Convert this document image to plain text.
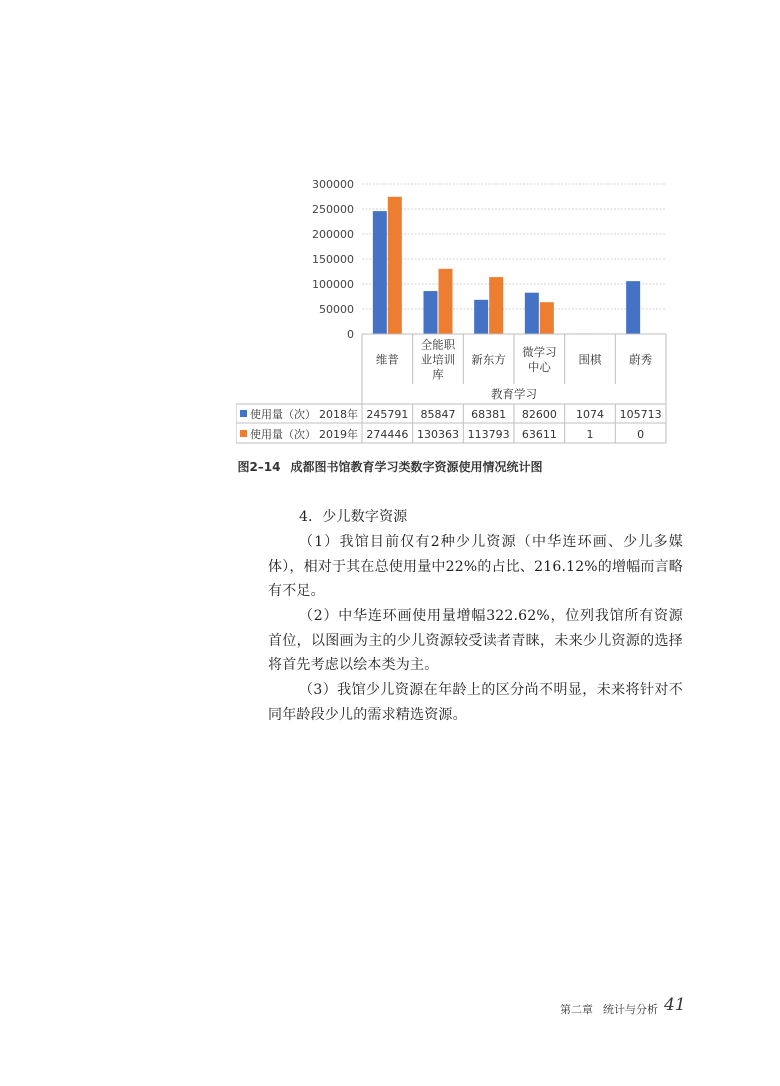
0
50000
100000
150000
200000
250000
300000
维普
全能职
业培训
库
新东方
微学习
中心
围棋 蔚秀
教育学习
使用量（次） 2018年 245791 85847 68381 82600 1074 105713
使用量（次） 2019年 274446 130363 113793 63611	1	0
图2–14 成都图书馆教育学习类数字资源使用情况统计图
4．少儿数字资源
（1）我馆目前仅有2种少儿资源（中华连环画、少儿多媒体），相对于其在总使用量中22%的占比、216.12%的增幅而言略有不足。
（2）中华连环画使用量增幅322.62%，位列我馆所有资源首位，以图画为主的少儿资源较受读者青睐，未来少儿资源的选择将首先考虑以绘本类为主。
（3）我馆少儿资源在年龄上的区分尚不明显，未来将针对不同年龄段少儿的需求精选资源。
第二章 统计与分析 41
